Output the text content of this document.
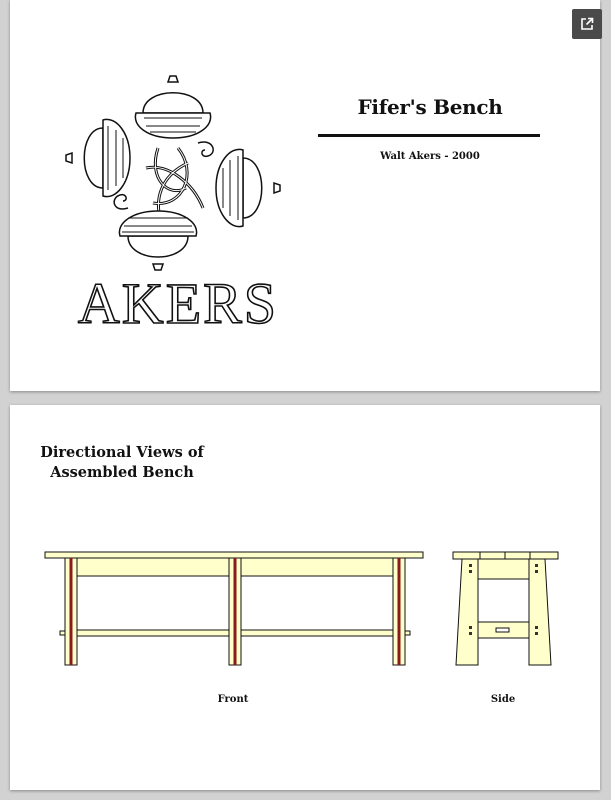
AKERS
Fifer's Bench
Walt Akers - 2000
Directional Views of
Assembled Bench
Front	Side
